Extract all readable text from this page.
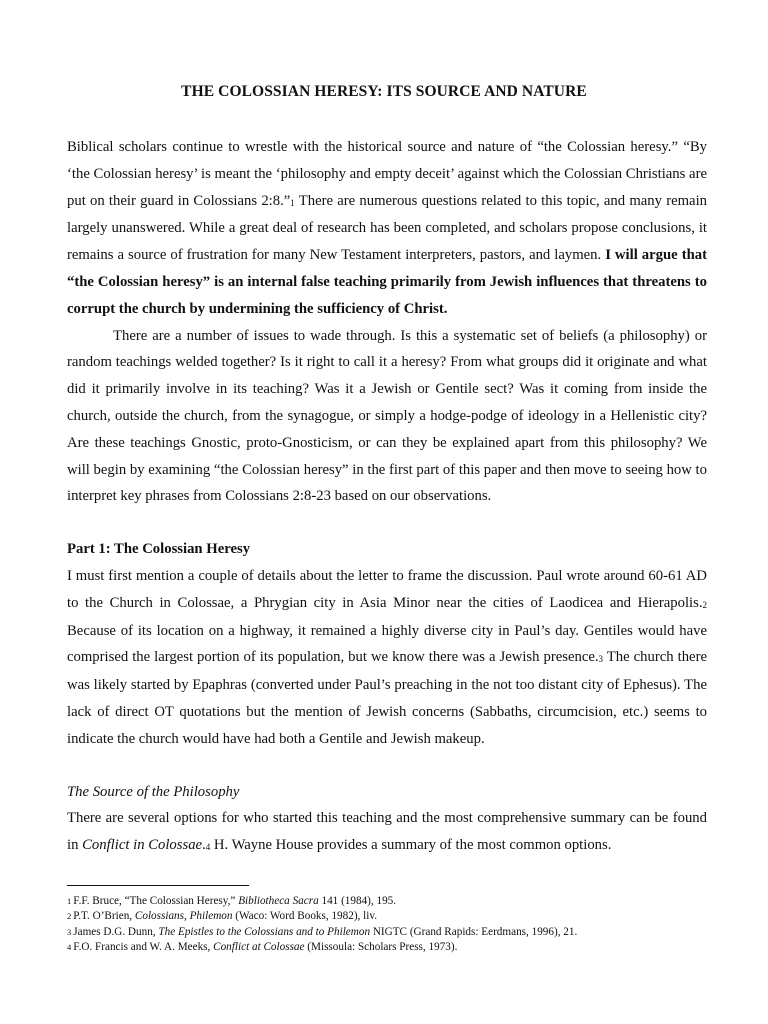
THE COLOSSIAN HERESY: ITS SOURCE AND NATURE

Biblical scholars continue to wrestle with the historical source and nature of “the Colossian heresy.” “By ‘the Colossian heresy’ is meant the ‘philosophy and empty deceit’ against which the Colossian Christians are put on their guard in Colossians 2:8.”$^1$ There are numerous questions related to this topic, and many remain largely unanswered. While a great deal of research has been completed, and scholars propose conclusions, it remains a source of frustration for many New Testament interpreters, pastors, and laymen. I will argue that “the Colossian heresy” is an internal false teaching primarily from Jewish influences that threatens to corrupt the church by undermining the sufficiency of Christ.

There are a number of issues to wade through. Is this a systematic set of beliefs (a philosophy) or random teachings welded together? Is it right to call it a heresy? From what groups did it originate and what did it primarily involve in its teaching? Was it a Jewish or Gentile sect? Was it coming from inside the church, outside the church, from the synagogue, or simply a hodge-podge of ideology in a Hellenistic city? Are these teachings Gnostic, proto-Gnosticism, or can they be explained apart from this philosophy? We will begin by examining “the Colossian heresy” in the first part of this paper and then move to seeing how to interpret key phrases from Colossians 2:8-23 based on our observations.

Part 1: The Colossian Heresy

I must first mention a couple of details about the letter to frame the discussion. Paul wrote around 60-61 AD to the Church in Colossae, a Phrygian city in Asia Minor near the cities of Laodicea and Hierapolis.$^2$ Because of its location on a highway, it remained a highly diverse city in Paul’s day. Gentiles would have comprised the largest portion of its population, but we know there was a Jewish presence.$^3$ The church there was likely started by Epaphras (converted under Paul’s preaching in the not too distant city of Ephesus). The lack of direct OT quotations but the mention of Jewish concerns (Sabbaths, circumcision, etc.) seems to indicate the church would have had both a Gentile and Jewish makeup.

The Source of the Philosophy

There are several options for who started this teaching and the most comprehensive summary can be found in Conflict in Colossae.$^4$ H. Wayne House provides a summary of the most common options.

1 F.F. Bruce, “The Colossian Heresy,” Bibliotheca Sacra 141 (1984), 195.
2 P.T. O’Brien, Colossians, Philemon (Waco: Word Books, 1982), liv.
3 James D.G. Dunn, The Epistles to the Colossians and to Philemon NIGTC (Grand Rapids: Eerdmans, 1996), 21.
4 F.O. Francis and W. A. Meeks, Conflict at Colossae (Missoula: Scholars Press, 1973).
